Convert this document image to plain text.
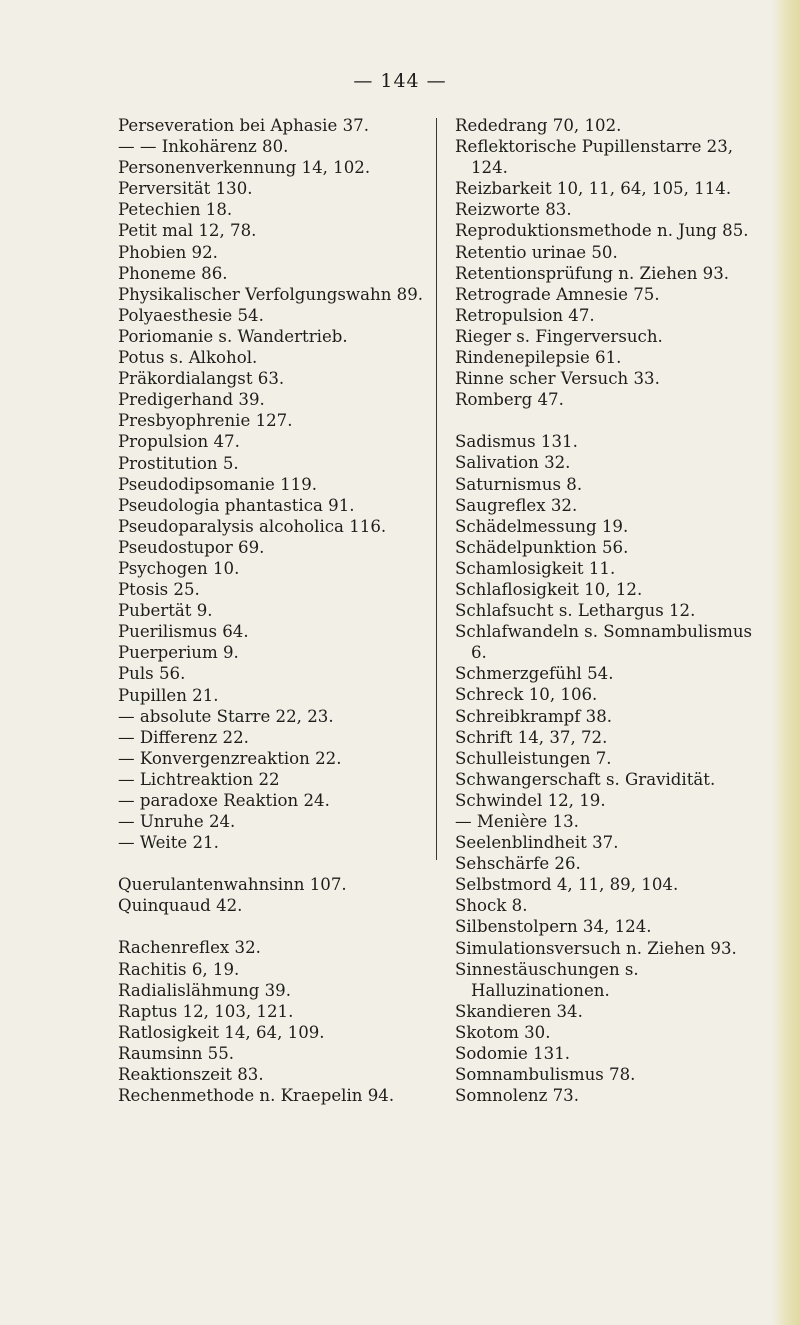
— 144 —
Perseveration bei Aphasie 37.
— — Inkohärenz 80.
Personenverkennung 14, 102.
Perversität 130.
Petechien 18.
Petit mal 12, 78.
Phobien 92.
Phoneme 86.
Physikalischer Verfolgungswahn 89.
Polyaesthesie 54.
Poriomanie s. Wandertrieb.
Potus s. Alkohol.
Präkordialangst 63.
Predigerhand 39.
Presbyophrenie 127.
Propulsion 47.
Prostitution 5.
Pseudodipsomanie 119.
Pseudologia phantastica 91.
Pseudoparalysis alcoholica 116.
Pseudostupor 69.
Psychogen 10.
Ptosis 25.
Pubertät 9.
Puerilismus 64.
Puerperium 9.
Puls 56.
Pupillen 21.
— absolute Starre 22, 23.
— Differenz 22.
— Konvergenzreaktion 22.
— Lichtreaktion 22
— paradoxe Reaktion 24.
— Unruhe 24.
— Weite 21.
Querulantenwahnsinn 107.
Quinquaud 42.
Rachenreflex 32.
Rachitis 6, 19.
Radialislähmung 39.
Raptus 12, 103, 121.
Ratlosigkeit 14, 64, 109.
Raumsinn 55.
Reaktionszeit 83.
Rechenmethode n. Kraepelin 94.
Rededrang 70, 102.
Reflektorische Pupillenstarre 23, 124.
Reizbarkeit 10, 11, 64, 105, 114.
Reizworte 83.
Reproduktionsmethode n. Jung 85.
Retentio urinae 50.
Retentionsprüfung n. Ziehen 93.
Retrograde Amnesie 75.
Retropulsion 47.
Rieger s. Fingerversuch.
Rindenepilepsie 61.
Rinne scher Versuch 33.
Romberg 47.
Sadismus 131.
Salivation 32.
Saturnismus 8.
Saugreflex 32.
Schädelmessung 19.
Schädelpunktion 56.
Schamlosigkeit 11.
Schlaflosigkeit 10, 12.
Schlafsucht s. Lethargus 12.
Schlafwandeln s. Somnambulismus 6.
Schmerzgefühl 54.
Schreck 10, 106.
Schreibkrampf 38.
Schrift 14, 37, 72.
Schulleistungen 7.
Schwangerschaft s. Gravidität.
Schwindel 12, 19.
— Menière 13.
Seelenblindheit 37.
Sehschärfe 26.
Selbstmord 4, 11, 89, 104.
Shock 8.
Silbenstolpern 34, 124.
Simulationsversuch n. Ziehen 93.
Sinnestäuschungen s. Halluzinationen.
Skandieren 34.
Skotom 30.
Sodomie 131.
Somnambulismus 78.
Somnolenz 73.
